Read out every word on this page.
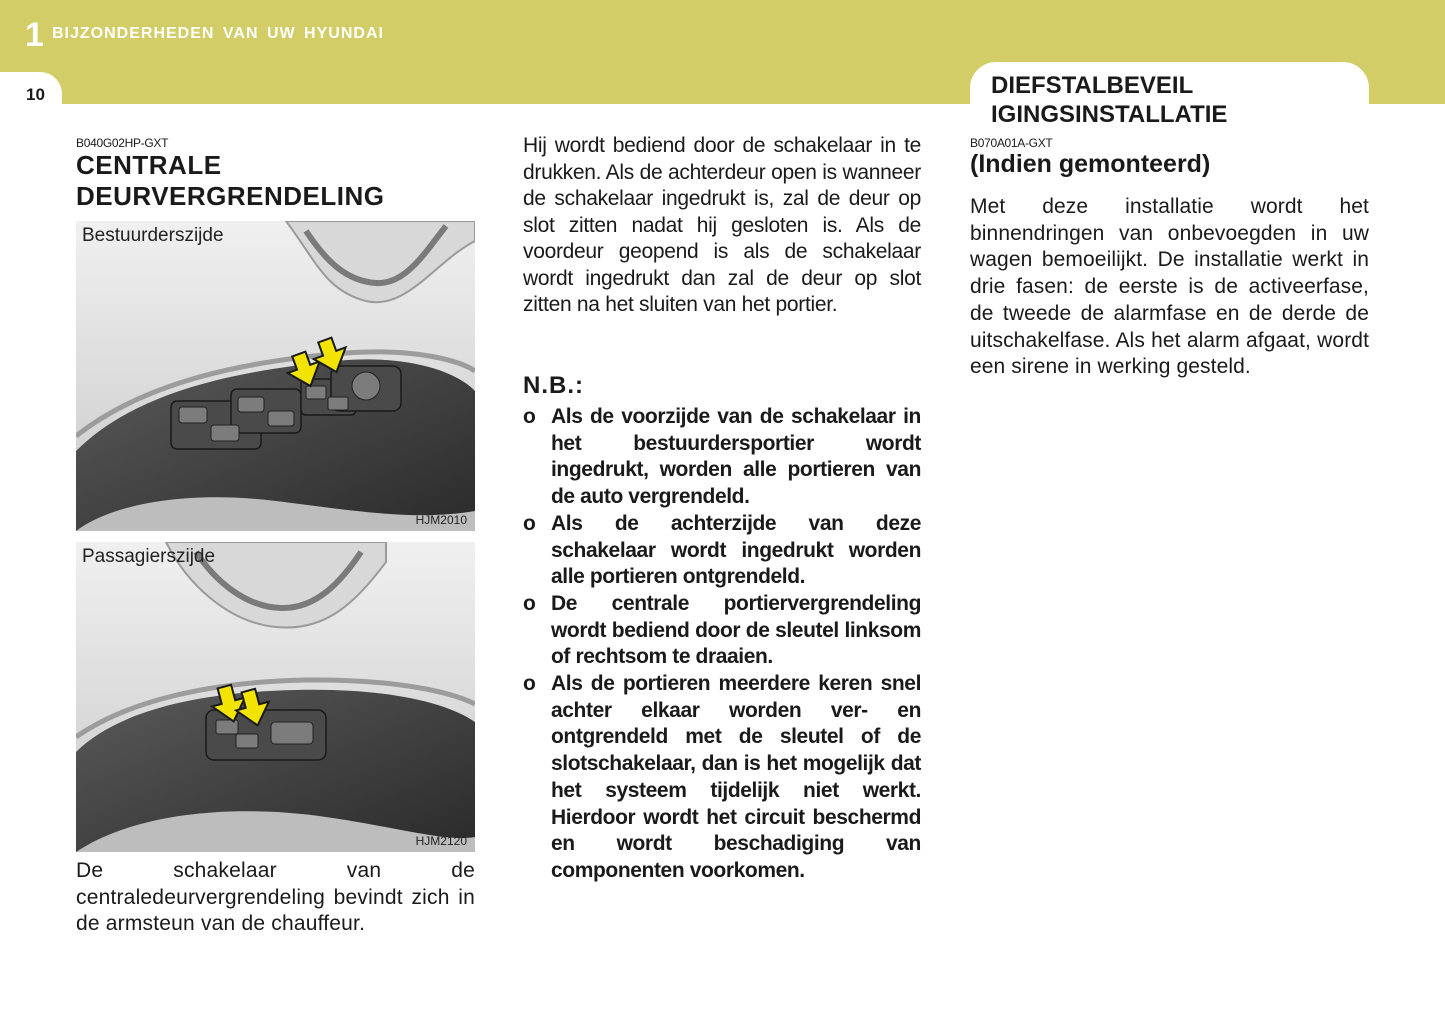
1 BIJZONDERHEDEN VAN UW HYUNDAI
10	DIEFSTALBEVEIL
IGINGSINSTALLATIE
B040G02HP-GXT
CENTRALE
DEURVERGRENDELING
Bestuurderszijde
HJM2010
Passagierszijde
HJM2120

De schakelaar van de centraledeurvergrendeling bevindt zich in de armsteun van de chauffeur.

Hij wordt bediend door de schakelaar in te drukken. Als de achterdeur open is wanneer de schakelaar ingedrukt is, zal de deur op slot zitten nadat hij gesloten is. Als de voordeur geopend is als de schakelaar wordt ingedrukt dan zal de deur op slot zitten na het sluiten van het portier.

N.B.:
o Als de voorzijde van de schakelaar in het bestuurdersportier wordt ingedrukt, worden alle portieren van de auto vergrendeld.
o Als de achterzijde van deze schakelaar wordt ingedrukt worden alle portieren ontgrendeld.
o De centrale portiervergrendeling wordt bediend door de sleutel linksom of rechtsom te draaien.
o Als de portieren meerdere keren snel achter elkaar worden ver- en ontgrendeld met de sleutel of de slotschakelaar, dan is het mogelijk dat het systeem tijdelijk niet werkt. Hierdoor wordt het circuit beschermd en wordt beschadiging van componenten voorkomen.
B070A01A-GXT
(Indien gemonteerd)

Met deze installatie wordt het binnendringen van onbevoegden in uw wagen bemoeilijkt. De installatie werkt in drie fasen: de eerste is de activeerfase, de tweede de alarmfase en de derde de uitschakelfase. Als het alarm afgaat, wordt een sirene in werking gesteld.
